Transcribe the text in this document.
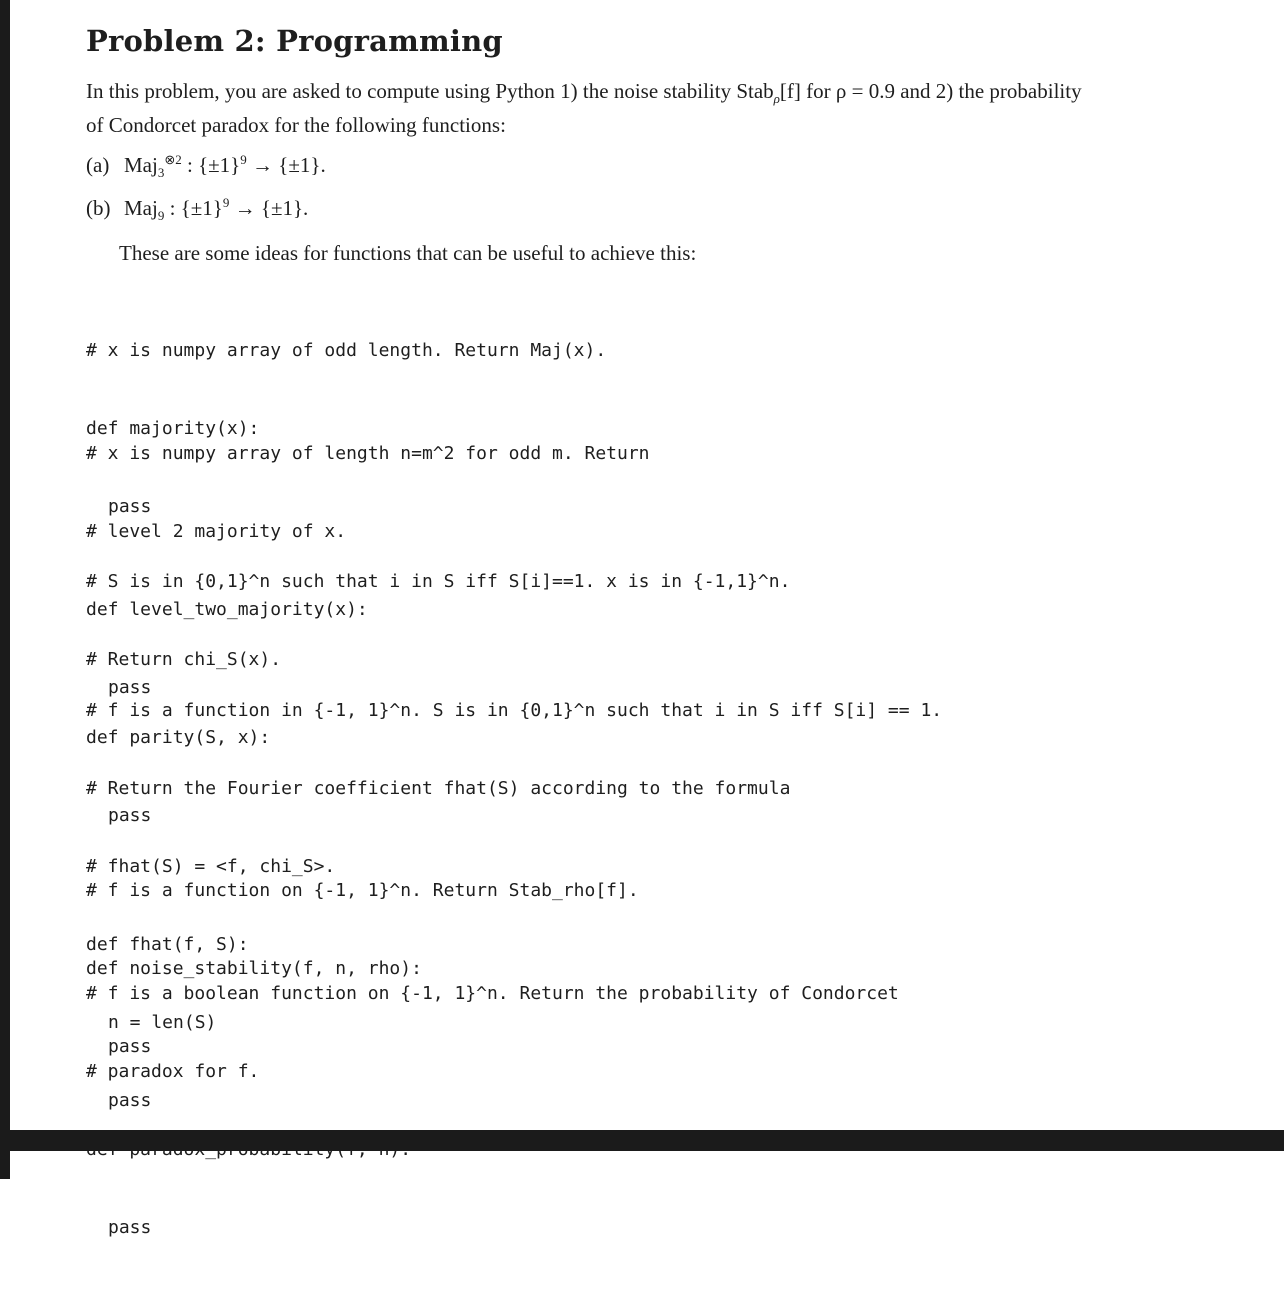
Problem 2: Programming

In this problem, you are asked to compute using Python 1) the noise stability Stab$_\rho$[f] for ρ = 0.9 and 2) the probability
of Condorcet paradox for the following functions:

(a) Maj$_3^{\otimes 2}$ : $\{\pm 1\}^9 \to \{\pm 1\}$.
(b) Maj$_9$ : $\{\pm 1\}^9 \to \{\pm 1\}$.
These are some ideas for functions that can be useful to achieve this:

# x is numpy array of odd length. Return Maj(x).

def majority(x):

pass

# x is numpy array of length n=m^2 for odd m. Return

# level 2 majority of x.

def level_two_majority(x):

pass

# S is in {0,1}^n such that i in S iff S[i]==1. x is in {-1,1}^n.

# Return chi_S(x).

def parity(S, x):

pass

# f is a function in {-1, 1}^n. S is in {0,1}^n such that i in S iff S[i] == 1.

# Return the Fourier coefficient fhat(S) according to the formula

# fhat(S) = <f, chi_S>.

def fhat(f, S):

n = len(S)

pass

# f is a function on {-1, 1}^n. Return Stab_rho[f].

def noise_stability(f, n, rho):

pass

# f is a boolean function on {-1, 1}^n. Return the probability of Condorcet

# paradox for f.

pass
